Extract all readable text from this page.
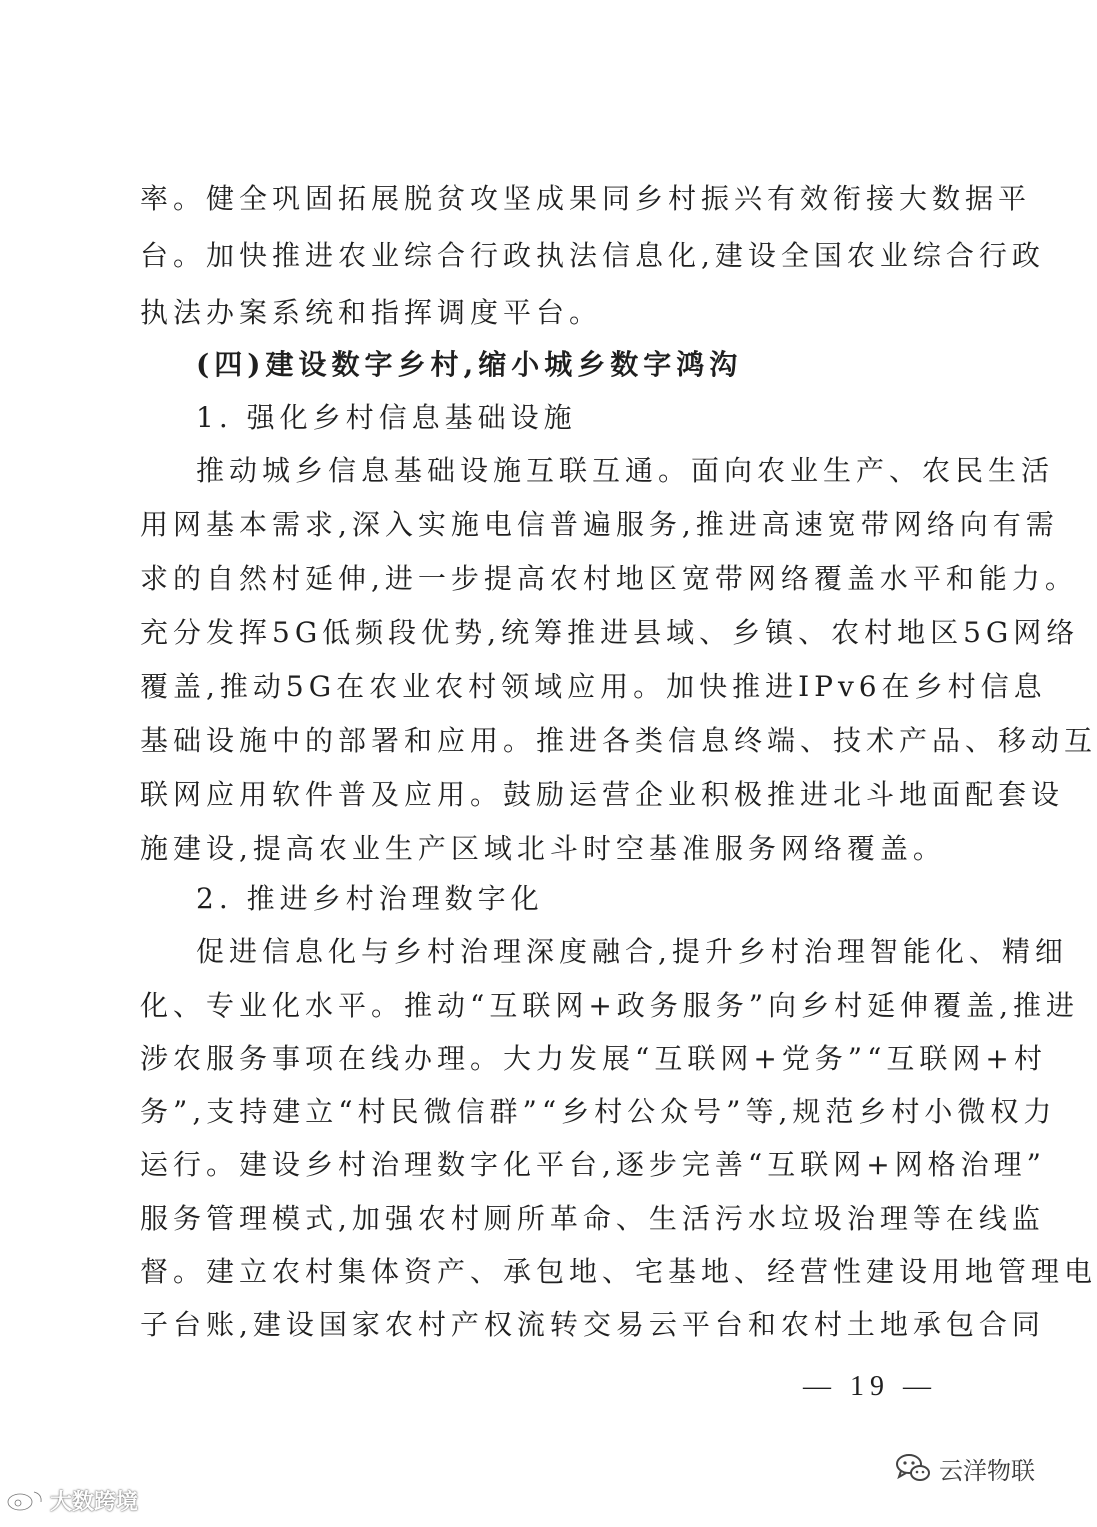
率。健全巩固拓展脱贫攻坚成果同乡村振兴有效衔接大数据平
台。加快推进农业综合行政执法信息化,建设全国农业综合行政
执法办案系统和指挥调度平台。
(四)建设数字乡村,缩小城乡数字鸿沟
1. 强化乡村信息基础设施
推动城乡信息基础设施互联互通。面向农业生产、农民生活
用网基本需求,深入实施电信普遍服务,推进高速宽带网络向有需
求的自然村延伸,进一步提高农村地区宽带网络覆盖水平和能力。
充分发挥5G低频段优势,统筹推进县域、乡镇、农村地区5G网络
覆盖,推动5G在农业农村领域应用。加快推进IPv6在乡村信息
基础设施中的部署和应用。推进各类信息终端、技术产品、移动互
联网应用软件普及应用。鼓励运营企业积极推进北斗地面配套设
施建设,提高农业生产区域北斗时空基准服务网络覆盖。
2. 推进乡村治理数字化
促进信息化与乡村治理深度融合,提升乡村治理智能化、精细
化、专业化水平。推动“互联网+政务服务”向乡村延伸覆盖,推进
涉农服务事项在线办理。大力发展“互联网+党务”“互联网+村
务”,支持建立“村民微信群”“乡村公众号”等,规范乡村小微权力
运行。建设乡村治理数字化平台,逐步完善“互联网+网格治理”
服务管理模式,加强农村厕所革命、生活污水垃圾治理等在线监
督。建立农村集体资产、承包地、宅基地、经营性建设用地管理电
子台账,建设国家农村产权流转交易云平台和农村土地承包合同
— 19 —
大数跨境
云洋物联
